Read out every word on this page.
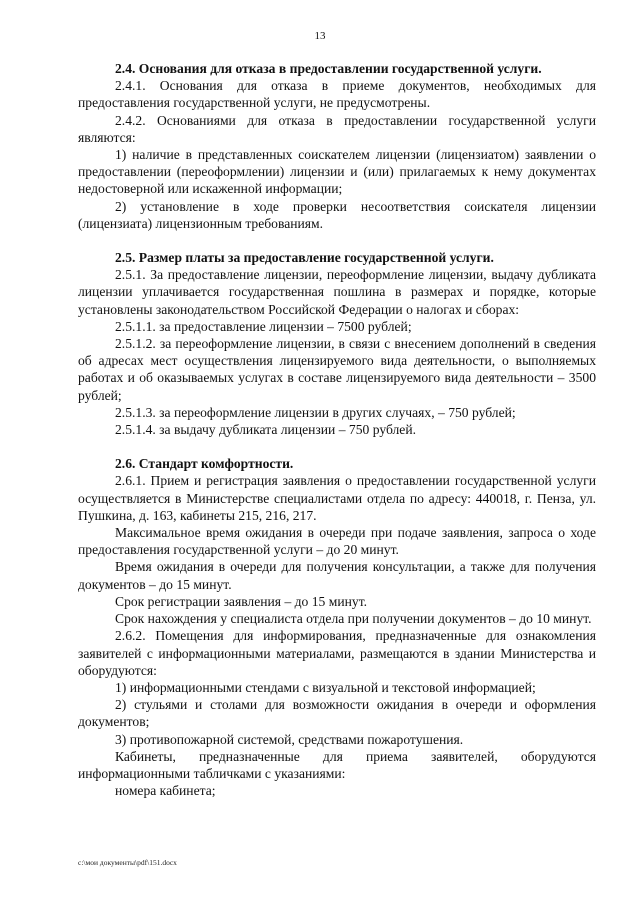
13

2.4. Основания для отказа в предоставлении государственной услуги.

2.4.1. Основания для отказа в приеме документов, необходимых для предоставления государственной услуги, не предусмотрены.

2.4.2. Основаниями для отказа в предоставлении государственной услуги являются:

1) наличие в представленных соискателем лицензии (лицензиатом) заявлении о предоставлении (переоформлении) лицензии и (или) прилагаемых к нему документах недостоверной или искаженной информации;

2) установление в ходе проверки несоответствия соискателя лицензии (лицензиата) лицензионным требованиям.

2.5. Размер платы за предоставление государственной услуги.

2.5.1. За предоставление лицензии, переоформление лицензии, выдачу дубликата лицензии уплачивается государственная пошлина в размерах и порядке, которые установлены законодательством Российской Федерации о налогах и сборах:

2.5.1.1. за предоставление лицензии – 7500 рублей;

2.5.1.2. за переоформление лицензии, в связи с внесением дополнений в сведения об адресах мест осуществления лицензируемого вида деятельности, о выполняемых работах и об оказываемых услугах в составе лицензируемого вида деятельности – 3500 рублей;

2.5.1.3. за переоформление лицензии в других случаях, – 750 рублей;

2.5.1.4. за выдачу дубликата лицензии – 750 рублей.

2.6. Стандарт комфортности.

2.6.1. Прием и регистрация заявления о предоставлении государственной услуги осуществляется в Министерстве специалистами отдела по адресу: 440018, г. Пенза, ул. Пушкина, д. 163, кабинеты 215, 216, 217.

Максимальное время ожидания в очереди при подаче заявления, запроса о ходе предоставления государственной услуги – до 20 минут.

Время ожидания в очереди для получения консультации, а также для получения документов – до 15 минут.

Срок регистрации заявления – до 15 минут.

Срок нахождения у специалиста отдела при получении документов – до 10 минут.

2.6.2. Помещения для информирования, предназначенные для ознакомления заявителей с информационными материалами, размещаются в здании Министерства и оборудуются:

1) информационными стендами с визуальной и текстовой информацией;

2) стульями и столами для возможности ожидания в очереди и оформления документов;

3) противопожарной системой, средствами пожаротушения.

Кабинеты, предназначенные для приема заявителей, оборудуются информационными табличками с указаниями:

номера кабинета;

c:\мои документы\pdf\151.docx
